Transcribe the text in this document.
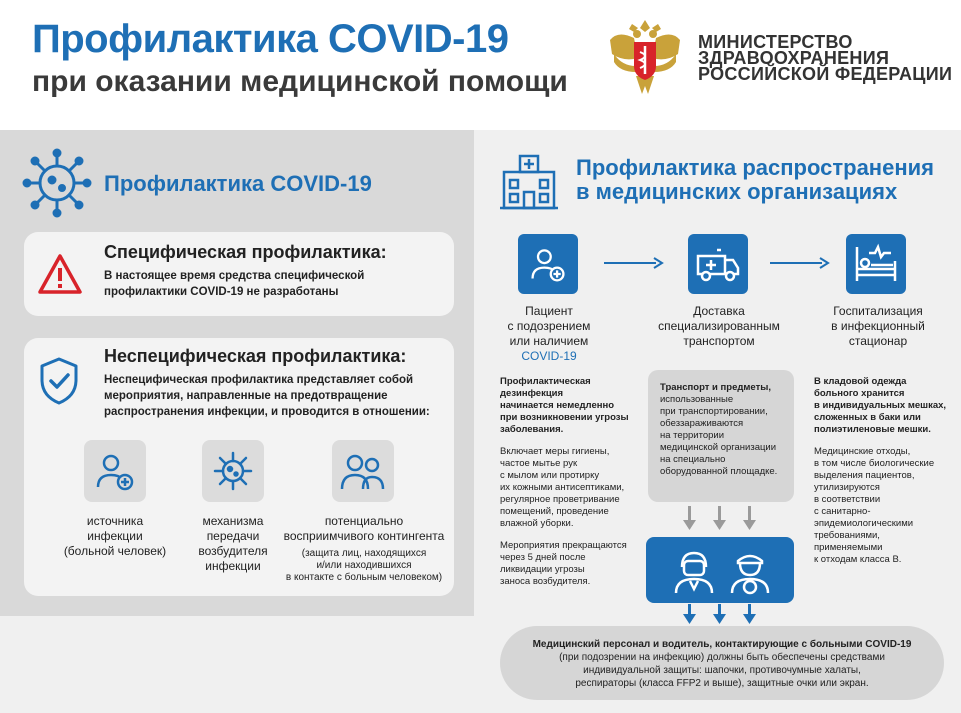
Профилактика COVID-19
при оказании медицинской помощи
МИНИСТЕРСТВО
ЗДРАВООХРАНЕНИЯ
РОССИЙСКОЙ ФЕДЕРАЦИИ
Профилактика COVID-19
Специфическая профилактика:
В настоящее время средства специфической
профилактики COVID-19 не разработаны
Неспецифическая профилактика:
Неспецифическая профилактика представляет собой
мероприятия, направленные на предотвращение
распространения инфекции, и проводится в отношении:
источника
инфекции
(больной человек)
механизма
передачи
возбудителя
инфекции
потенциально
восприимчивого контингента
(защита лиц, находящихся
и/или находившихся
в контакте с больным человеком)
Профилактика распространения
в медицинских организациях
Пациент
с подозрением
или наличием
COVID-19
Доставка
специализированным
транспортом
Госпитализация
в инфекционный
стационар

Профилактическая
дезинфекция
начинается немедленно
при возникновении угрозы
заболевания.

Включает меры гигиены,
частое мытье рук
с мылом или протирку
их кожными антисептиками,
регулярное проветривание
помещений, проведение
влажной уборки.

Мероприятия прекращаются
через 5 дней после
ликвидации угрозы
заноса возбудителя.

Транспорт и предметы,
использованные
при транспортировании,
обеззараживаются
на территории
медицинской организации
на специально
оборудованной площадке.

В кладовой одежда
больного хранится
в индивидуальных мешках,
сложенных в баки или
полиэтиленовые мешки.

Медицинские отходы,
в том числе биологические
выделения пациентов,
утилизируются
в соответствии
с санитарно-
эпидемиологическими
требованиями,
применяемыми
к отходам класса В.

Медицинский персонал и водитель, контактирующие с больными COVID-19
(при подозрении на инфекцию) должны быть обеспечены средствами
индивидуальной защиты: шапочки, противочумные халаты,
респираторы (класса FFP2 и выше), защитные очки или экран.
